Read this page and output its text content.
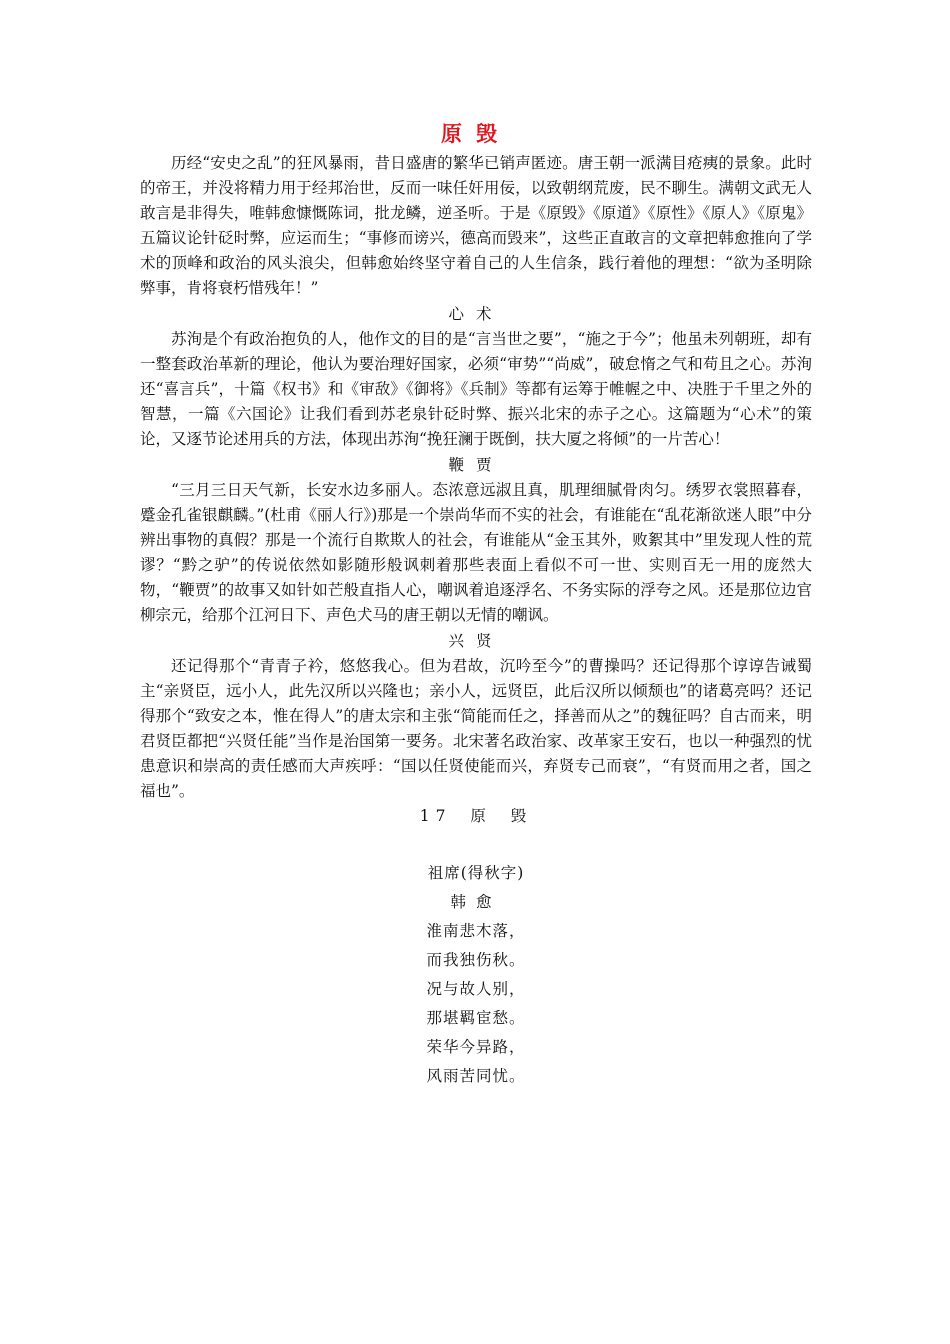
原毁

历经“安史之乱”的狂风暴雨，昔日盛唐的繁华已销声匿迹。唐王朝一派满目疮痍的景象。此时的帝王，并没将精力用于经邦治世，反而一味任奸用佞，以致朝纲荒废，民不聊生。满朝文武无人敢言是非得失，唯韩愈慷慨陈词，批龙鳞，逆圣听。于是《原毁》《原道》《原性》《原人》《原鬼》五篇议论针砭时弊，应运而生；“事修而谤兴，德高而毁来”，这些正直敢言的文章把韩愈推向了学术的顶峰和政治的风头浪尖，但韩愈始终坚守着自己的人生信条，践行着他的理想：“欲为圣明除弊事，肯将衰朽惜残年！”

心术

苏洵是个有政治抱负的人，他作文的目的是“言当世之要”，“施之于今”；他虽未列朝班，却有一整套政治革新的理论，他认为要治理好国家，必须“审势”“尚威”，破怠惰之气和苟且之心。苏洵还“喜言兵”，十篇《权书》和《审敌》《御将》《兵制》等都有运筹于帷幄之中、决胜于千里之外的智慧，一篇《六国论》让我们看到苏老泉针砭时弊、振兴北宋的赤子之心。这篇题为“心术”的策论，又逐节论述用兵的方法，体现出苏洵“挽狂澜于既倒，扶大厦之将倾”的一片苦心！

鞭贾

“三月三日天气新，长安水边多丽人。态浓意远淑且真，肌理细腻骨肉匀。绣罗衣裳照暮春，蹙金孔雀银麒麟。”(杜甫《丽人行》)那是一个崇尚华而不实的社会，有谁能在“乱花渐欲迷人眼”中分辨出事物的真假？那是一个流行自欺欺人的社会，有谁能从“金玉其外，败絮其中”里发现人性的荒谬？“黔之驴”的传说依然如影随形般讽刺着那些表面上看似不可一世、实则百无一用的庞然大物，“鞭贾”的故事又如针如芒般直指人心，嘲讽着追逐浮名、不务实际的浮夸之风。还是那位边官柳宗元，给那个江河日下、声色犬马的唐王朝以无情的嘲讽。

兴贤

还记得那个“青青子衿，悠悠我心。但为君故，沉吟至今”的曹操吗？还记得那个谆谆告诫蜀主“亲贤臣，远小人，此先汉所以兴隆也；亲小人，远贤臣，此后汉所以倾颓也”的诸葛亮吗？还记得那个“致安之本，惟在得人”的唐太宗和主张“简能而任之，择善而从之”的魏征吗？自古而来，明君贤臣都把“兴贤任能”当作是治国第一要务。北宋著名政治家、改革家王安石，也以一种强烈的忧患意识和崇高的责任感而大声疾呼：“国以任贤使能而兴，弃贤专己而衰”，“有贤而用之者，国之福也”。

17 原 毁

祖席(得秋字)

韩愈

淮南悲木落，

而我独伤秋。

况与故人别，

那堪羁宦愁。

荣华今异路，

风雨苦同忧。
